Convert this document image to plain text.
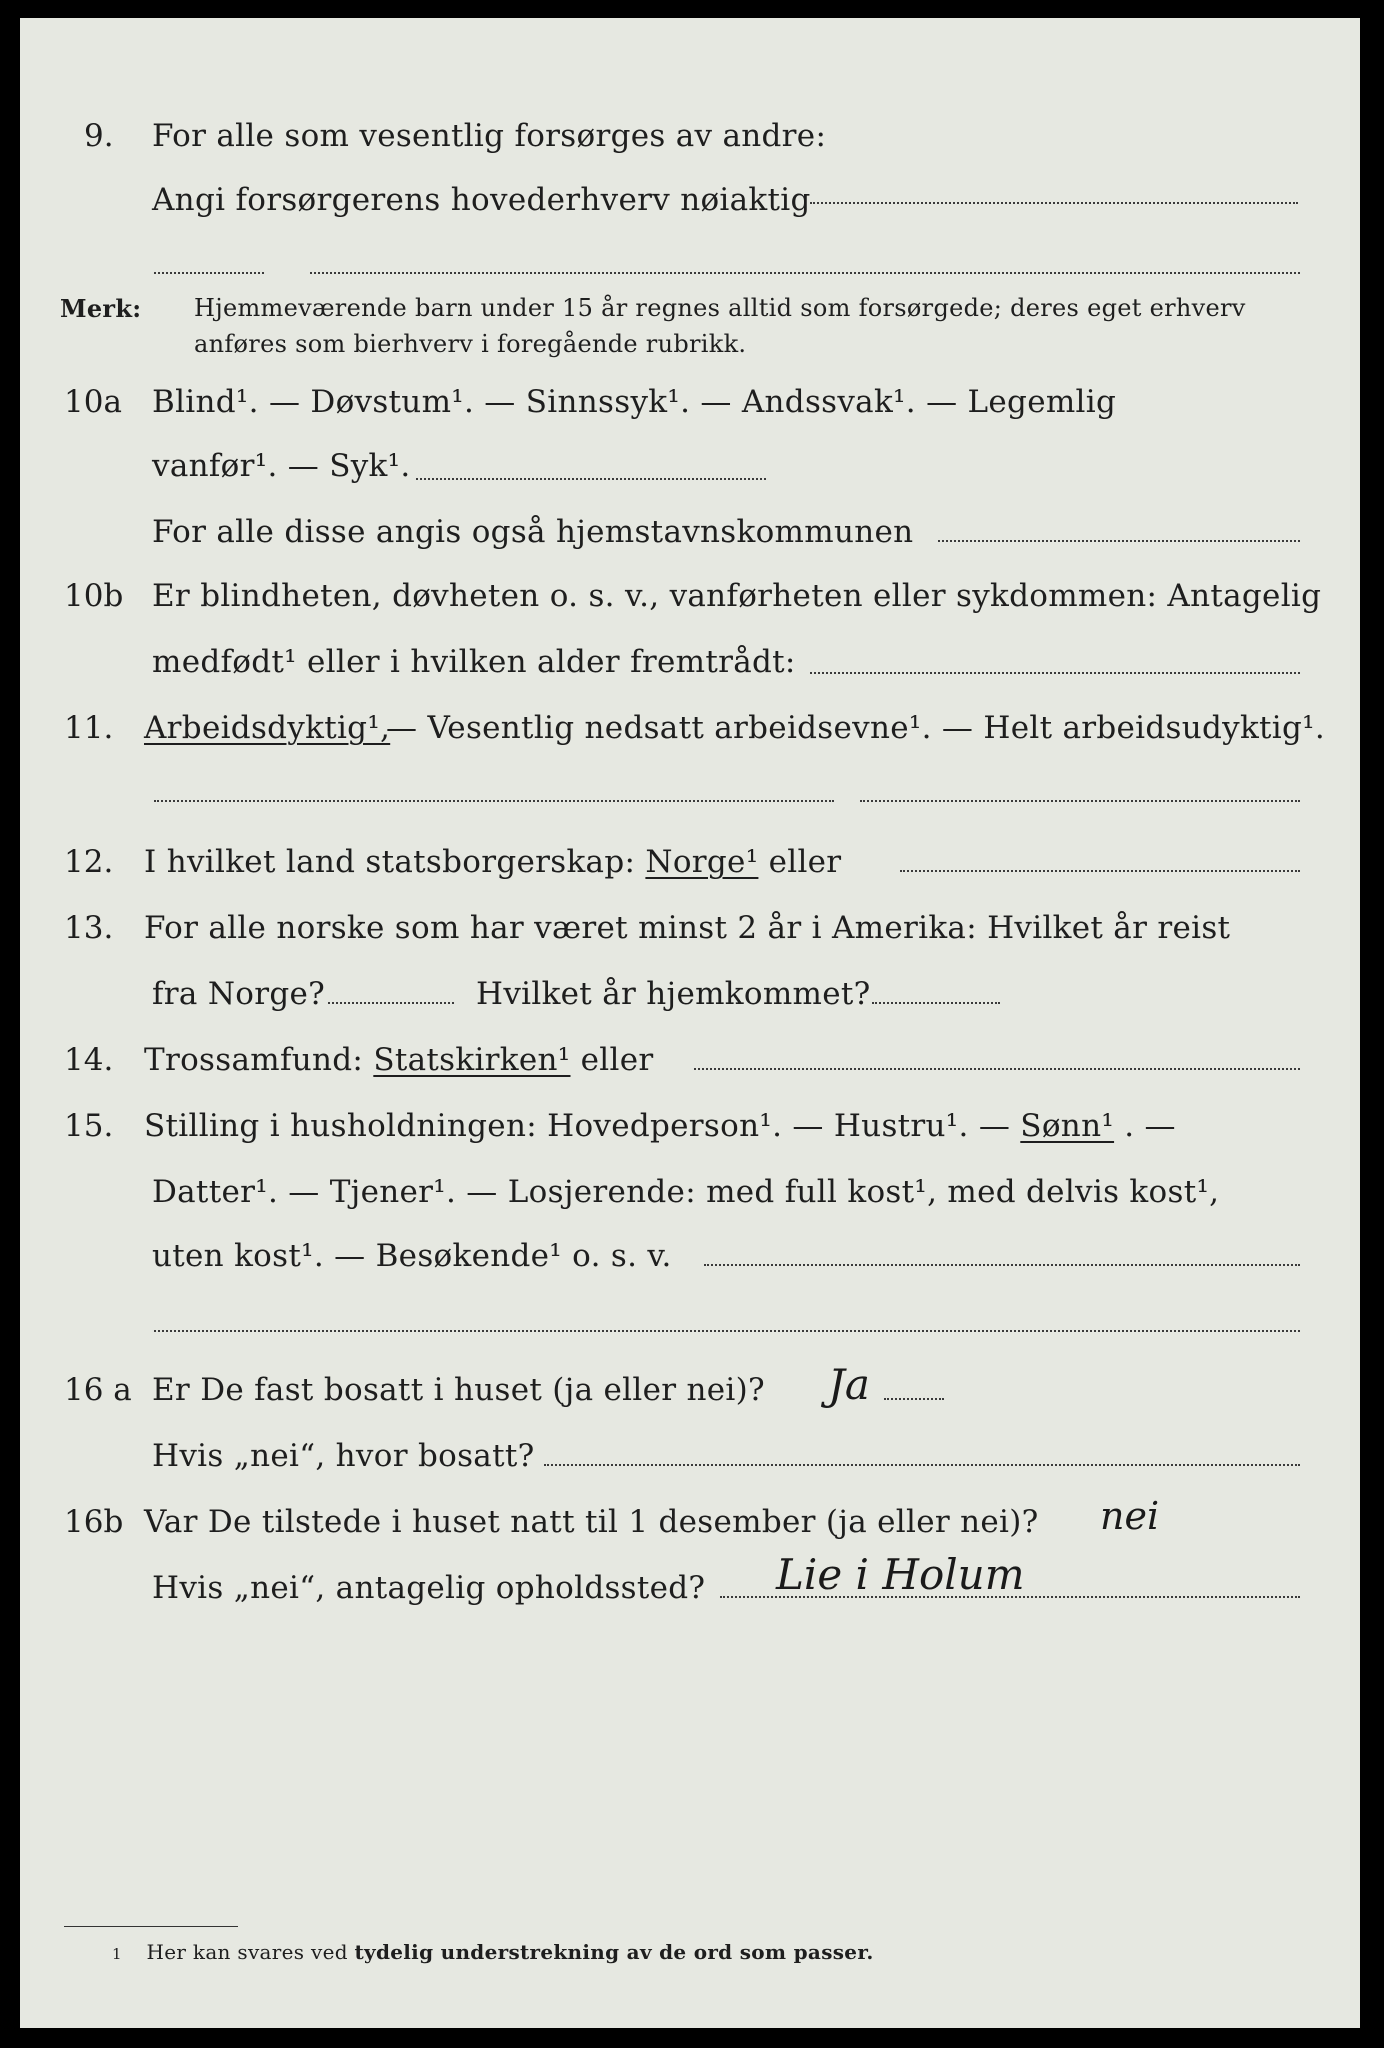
9. For alle som vesentlig forsørges av andre:
Angi forsørgerens hovederhverv nøiaktig
Merk: Hjemmeværende barn under 15 år regnes alltid som forsørgede; deres eget erhverv
anføres som bierhverv i foregående rubrikk.
10a Blind¹. — Døvstum¹. — Sinnssyk¹. — Andssvak¹. — Legemlig
vanfør¹. — Syk¹.
For alle disse angis også hjemstavnskommunen
10b Er blindheten, døvheten o. s. v., vanførheten eller sykdommen: Antagelig
medfødt¹ eller i hvilken alder fremtrådt:
11. Arbeidsdyktig¹,
— Vesentlig nedsatt arbeidsevne¹. — Helt arbeidsudyktig¹.
12. I hvilket land statsborgerskap: Norge¹ eller
13. For alle norske som har været minst 2 år i Amerika: Hvilket år reist
fra Norge?	Hvilket år hjemkommet?
14. Trossamfund: Statskirken¹ eller
15. Stilling i husholdningen: Hovedperson¹. — Hustru¹. — Sønn¹ . —
Datter¹. — Tjener¹. — Losjerende: med full kost¹, med delvis kost¹,
uten kost¹. — Besøkende¹ o. s. v.
16 a Er De fast bosatt i huset (ja eller nei)? Ja
Hvis „nei“, hvor bosatt?
16b Var De tilstede i huset natt til 1 desember (ja eller nei)? nei
Hvis „nei“, antagelig opholdssted? Lie i Holum
1 Her kan svares ved tydelig understrekning av de ord som passer.
